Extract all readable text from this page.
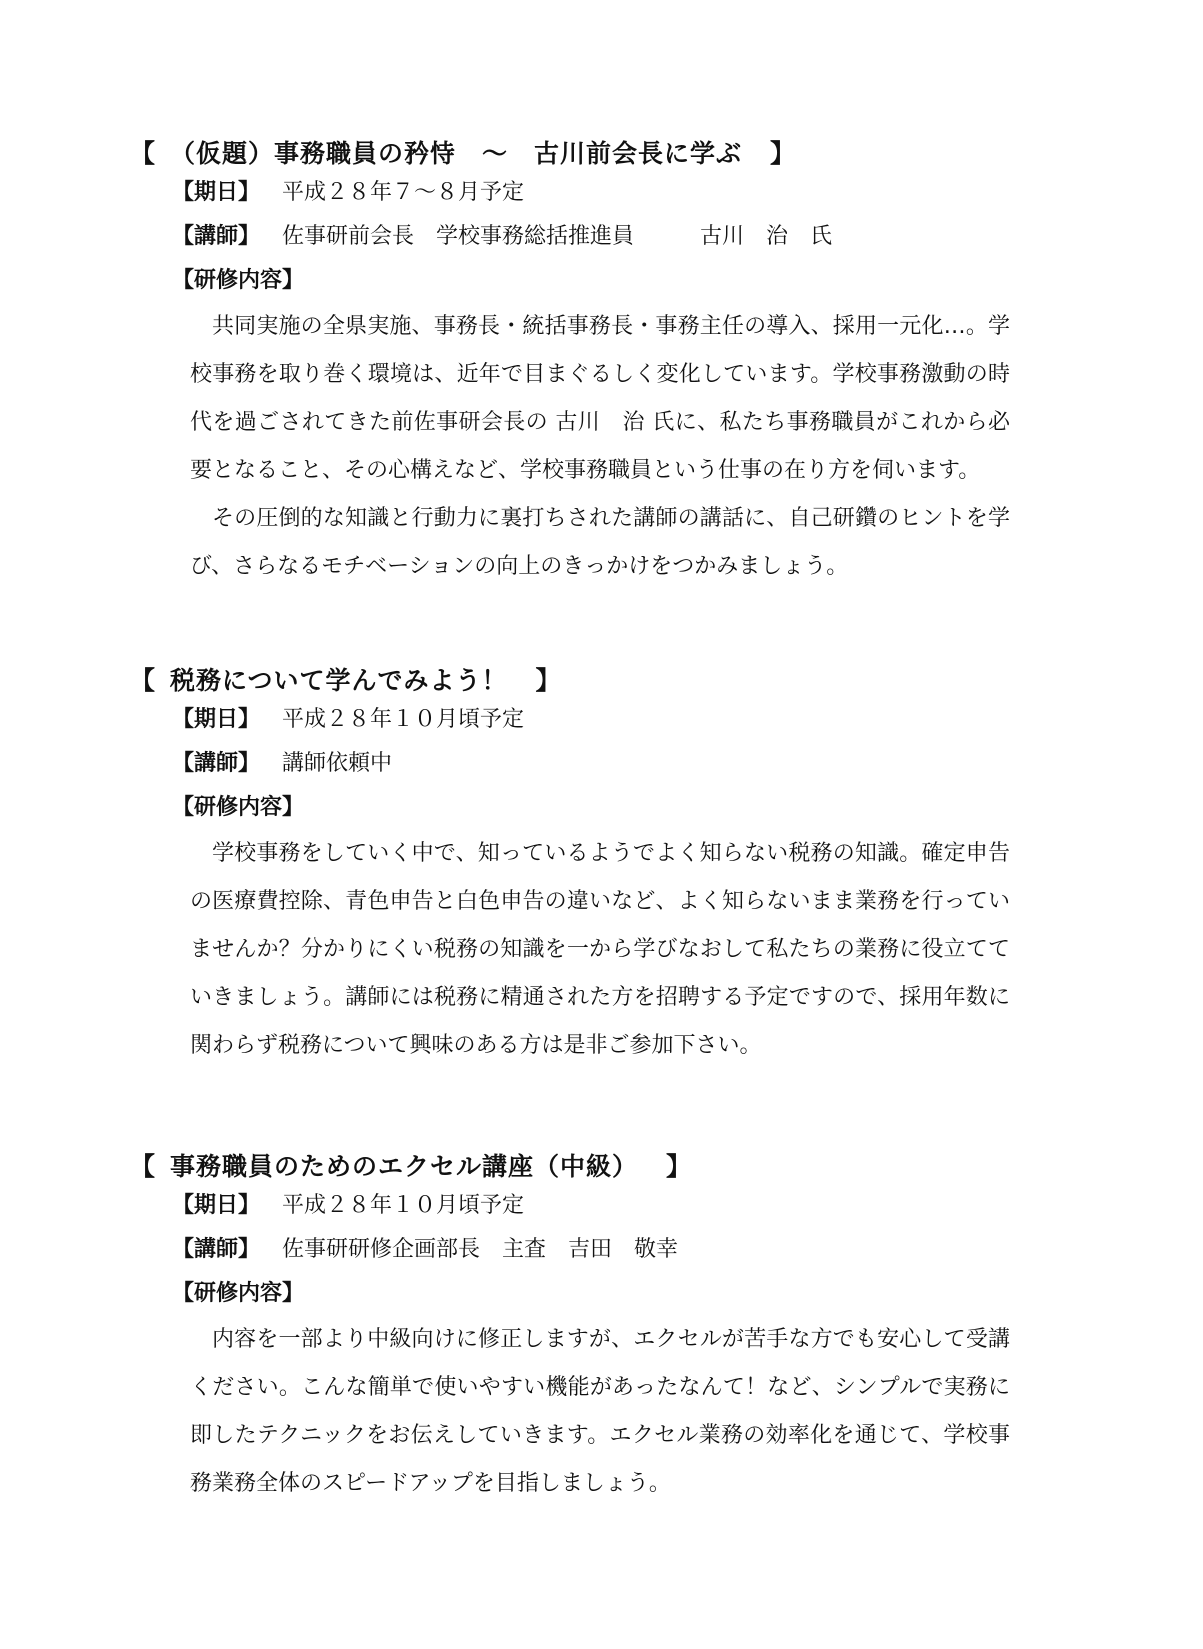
【 （仮題）事務職員の矜恃　～　古川前会長に学ぶ 】
【期日】 平成２８年７～８月予定
【講師】 佐事研前会長　学校事務総括推進員　　　古川　治　氏
【研修内容】

共同実施の全県実施、事務長・統括事務長・事務主任の導入、採用一元化…。学校事務を取り巻く環境は、近年で目まぐるしく変化しています。学校事務激動の時代を過ごされてきた前佐事研会長の 古川　治 氏に、私たち事務職員がこれから必要となること、その心構えなど、学校事務職員という仕事の在り方を伺います。

その圧倒的な知識と行動力に裏打ちされた講師の講話に、自己研鑽のヒントを学び、さらなるモチベーションの向上のきっかけをつかみましょう。

【 税務について学んでみよう！ 】
【期日】 平成２８年１０月頃予定
【講師】 講師依頼中
【研修内容】

学校事務をしていく中で、知っているようでよく知らない税務の知識。確定申告の医療費控除、青色申告と白色申告の違いなど、よく知らないまま業務を行っていませんか？分かりにくい税務の知識を一から学びなおして私たちの業務に役立てていきましょう。講師には税務に精通された方を招聘する予定ですので、採用年数に関わらず税務について興味のある方は是非ご参加下さい。

【 事務職員のためのエクセル講座（中級） 】
【期日】 平成２８年１０月頃予定
【講師】 佐事研研修企画部長　主査　吉田　敬幸
【研修内容】

内容を一部より中級向けに修正しますが、エクセルが苦手な方でも安心して受講ください。こんな簡単で使いやすい機能があったなんて！など、シンプルで実務に即したテクニックをお伝えしていきます。エクセル業務の効率化を通じて、学校事務業務全体のスピードアップを目指しましょう。
